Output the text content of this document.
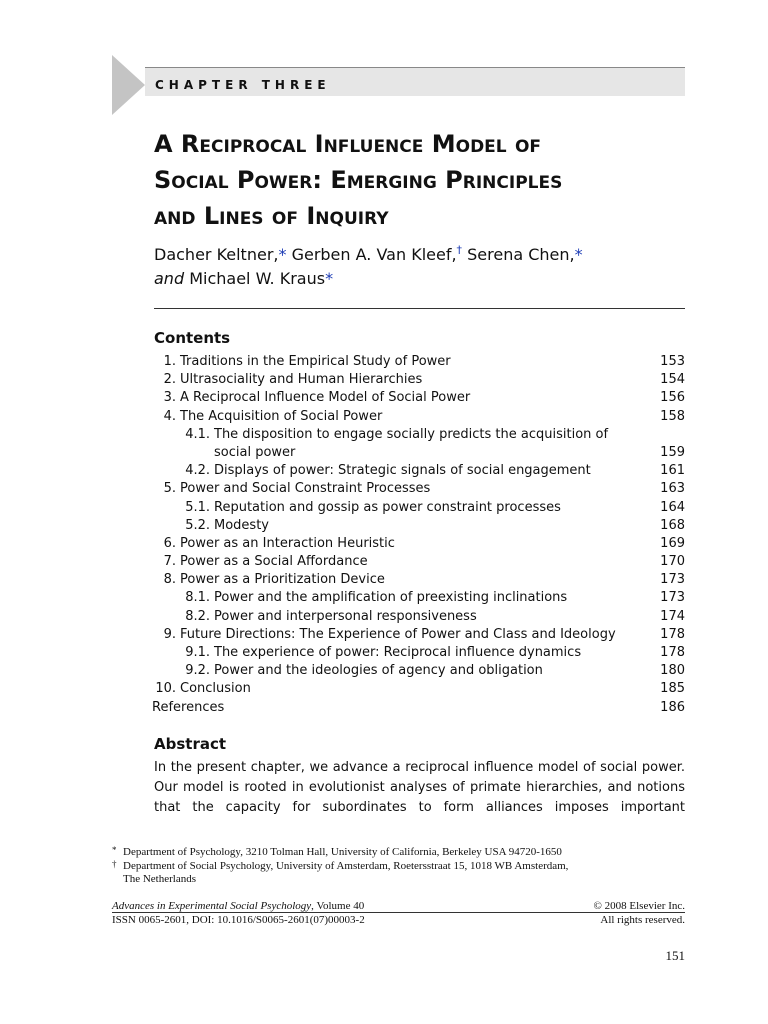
CHAPTER THREE
A Reciprocal Influence Model of
Social Power: Emerging Principles
and Lines of Inquiry
Dacher Keltner,* Gerben A. Van Kleef,† Serena Chen,*
and Michael W. Kraus*
Contents
1. Traditions in the Empirical Study of Power	153
2. Ultrasociality and Human Hierarchies	154
3. A Reciprocal Influence Model of Social Power	156
4. The Acquisition of Social Power	158
4.1. The disposition to engage socially predicts the acquisition of
social power	159
4.2. Displays of power: Strategic signals of social engagement	161
5. Power and Social Constraint Processes	163
5.1. Reputation and gossip as power constraint processes	164
5.2. Modesty	168
6. Power as an Interaction Heuristic	169
7. Power as a Social Affordance	170
8. Power as a Prioritization Device	173
8.1. Power and the amplification of preexisting inclinations	173
8.2. Power and interpersonal responsiveness	174
9. Future Directions: The Experience of Power and Class and Ideology	178
9.1. The experience of power: Reciprocal influence dynamics	178
9.2. Power and the ideologies of agency and obligation	180
10. Conclusion	185
References	186
Abstract
In the present chapter, we advance a reciprocal influence model of social power.
Our model is rooted in evolutionist analyses of primate hierarchies, and notions
that the capacity for subordinates to form alliances imposes important
* Department of Psychology, 3210 Tolman Hall, University of California, Berkeley USA 94720-1650
† Department of Social Psychology, University of Amsterdam, Roetersstraat 15, 1018 WB Amsterdam,
The Netherlands
Advances in Experimental Social Psychology, Volume 40	© 2008 Elsevier Inc.
ISSN 0065-2601, DOI: 10.1016/S0065-2601(07)00003-2	All rights reserved.
151
